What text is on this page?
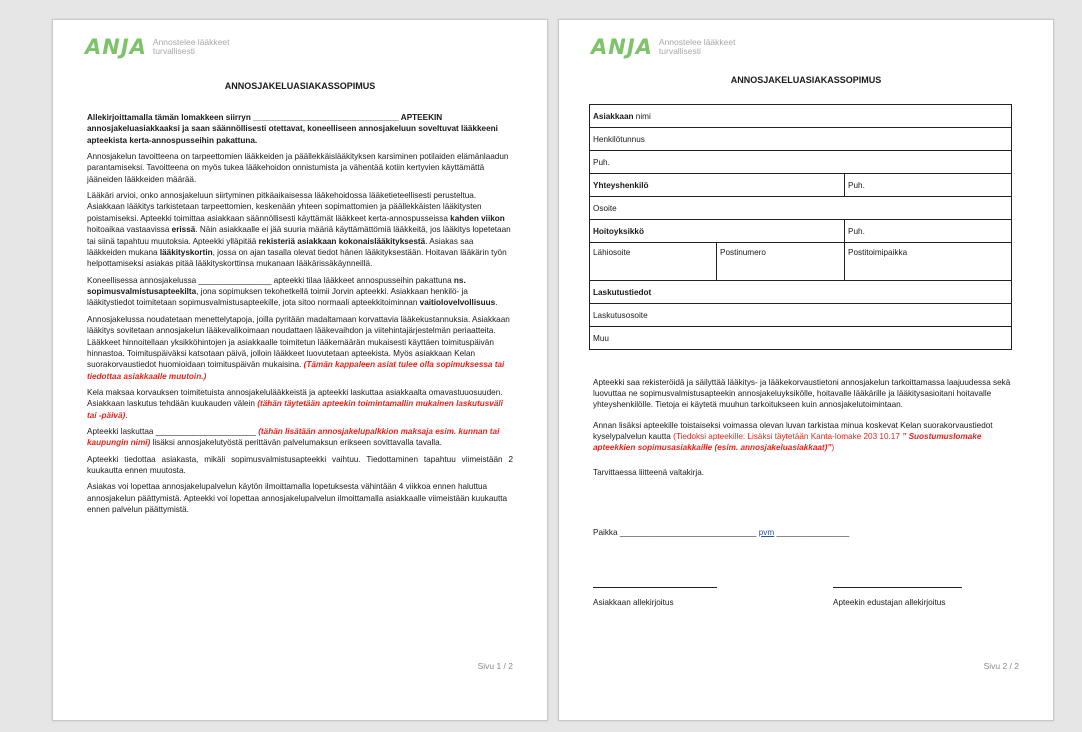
ANJA Annostelee lääkkeet turvallisesti
ANNOSJAKELUASIAKASSOPIMUS

Allekirjoittamalla tämän lomakkeen siirryn ________________________________ APTEEKIN annosjakeluasiakkaaksi ja saan säännöllisesti otettavat, koneelliseen annosjakeluun soveltuvat lääkkeeni apteekista kerta-annospusseihin pakattuna.

Annosjakelun tavoitteena on tarpeettomien lääkkeiden ja päällekkäislääkityksen karsiminen potilaiden elämänlaadun parantamiseksi. Tavoitteena on myös tukea lääkehoidon onnistumista ja vähentää kotiin kertyvien käyttämättä jääneiden lääkkeiden määrää.

Lääkäri arvioi, onko annosjakeluun siirtyminen pitkäaikaisessa lääkehoidossa lääketieteellisesti perusteltua. Asiakkaan lääkitys tarkistetaan tarpeettomien, keskenään yhteen sopimattomien ja päällekkäisten lääkitysten poistamiseksi. Apteekki toimittaa asiakkaan säännöllisesti käyttämät lääkkeet kerta-annospusseissa kahden viikon hoitoaikaa vastaavissa erissä. Näin asiakkaalle ei jää suuria määriä käyttämättömiä lääkkeitä, jos lääkitys lopetetaan tai siinä tapahtuu muutoksia. Apteekki ylläpitää rekisteriä asiakkaan kokonaislääkityksestä. Asiakas saa lääkkeiden mukana lääkityskortin, jossa on ajan tasalla olevat tiedot hänen lääkityksestään. Hoitavan lääkärin työn helpottamiseksi asiakas pitää lääkityskorttinsa mukanaan lääkärissäkäynneillä.

Koneellisessa annosjakelussa ________________ apteekki tilaa lääkkeet annospusseihin pakattuna ns. sopimusvalmistusapteekilta, jona sopimuksen tekohetkellä toimii Jorvin apteekki. Asiakkaan henkilö- ja lääkitystiedot toimitetaan sopimusvalmistusapteekille, jota sitoo normaali apteekkitoiminnan vaitiolovelvollisuus.

Annosjakelussa noudatetaan menettelytapoja, joilla pyritään madaltamaan korvattavia lääkekustannuksia. Asiakkaan lääkitys sovitetaan annosjakelun lääkevalikoimaan noudattaen lääkevaihdon ja viitehintajärjestelmän periaatteita. Lääkkeet hinnoitellaan yksikköhintojen ja asiakkaalle toimitetun lääkemäärän mukaisesti käyttäen toimituspäivän hinnastoa. Toimituspäiväksi katsotaan päivä, jolloin lääkkeet luovutetaan apteekista. Myös asiakkaan Kelan suorakorvaustiedot huomioidaan toimituspäivän mukaisina. (Tämän kappaleen asiat tulee olla sopimuksessa tai tiedottaa asiakkaalle muutoin.)

Kela maksaa korvauksen toimitetuista annosjakelulääkkeistä ja apteekki laskuttaa asiakkaalta omavastuuosuuden. Asiakkaan laskutus tehdään kuukauden välein (tähän täytetään apteekin toimintamallin mukainen laskutusväli tai -päivä).

Apteekki laskuttaa ______________________ (tähän lisätään annosjakelupalkkion maksaja esim. kunnan tai kaupungin nimi) lisäksi annosjakelutyöstä perittävän palvelumaksun erikseen sovittavalla tavalla.

Apteekki tiedottaa asiakasta, mikäli sopimusvalmistusapteekki vaihtuu. Tiedottaminen tapahtuu viimeistään 2 kuukautta ennen muutosta.

Asiakas voi lopettaa annosjakelupalvelun käytön ilmoittamalla lopetuksesta vähintään 4 viikkoa ennen haluttua annosjakelun päättymistä. Apteekki voi lopettaa annosjakelupalvelun ilmoittamalla asiakkaalle viimeistään kuukautta ennen palvelun päättymistä.

Sivu 1 / 2
ANJA Annostelee lääkkeet turvallisesti
ANNOSJAKELUASIAKASSOPIMUS
Asiakkaan nimi		
Henkilötunnus		
Puh.		
Yhteyshenkilö		Puh.
Osoite		
Hoitoyksikkö		Puh.
Lähiosoite	Postinumero	Postitoimipaikka
Laskutustiedot		
Laskutusosoite		
Muu		

Apteekki saa rekisteröidä ja säilyttää lääkitys- ja lääkekorvaustietoni annosjakelun tarkoittamassa laajuudessa sekä luovuttaa ne sopimusvalmistusapteekin annosjakeluyksikölle, hoitavalle lääkärille ja lääkitysasioitani hoitavalle yhteyshenkilölle. Tietoja ei käytetä muuhun tarkoitukseen kuin annosjakelutoimintaan.

Annan lisäksi apteekille toistaiseksi voimassa olevan luvan tarkistaa minua koskevat Kelan suorakorvaustiedot kyselypalvelun kautta (Tiedoksi apteekille: Lisäksi täytetään Kanta-lomake 203 10.17 ” Suostumuslomake apteekkien sopimusasiakkaille (esim. annosjakeluasiakkaat)”)

Tarvittaessa liitteenä valtakirja.

Paikka ______________________________ pvm ________________
Asiakkaan allekirjoitus	Apteekin edustajan allekirjoitus
Sivu 2 / 2
